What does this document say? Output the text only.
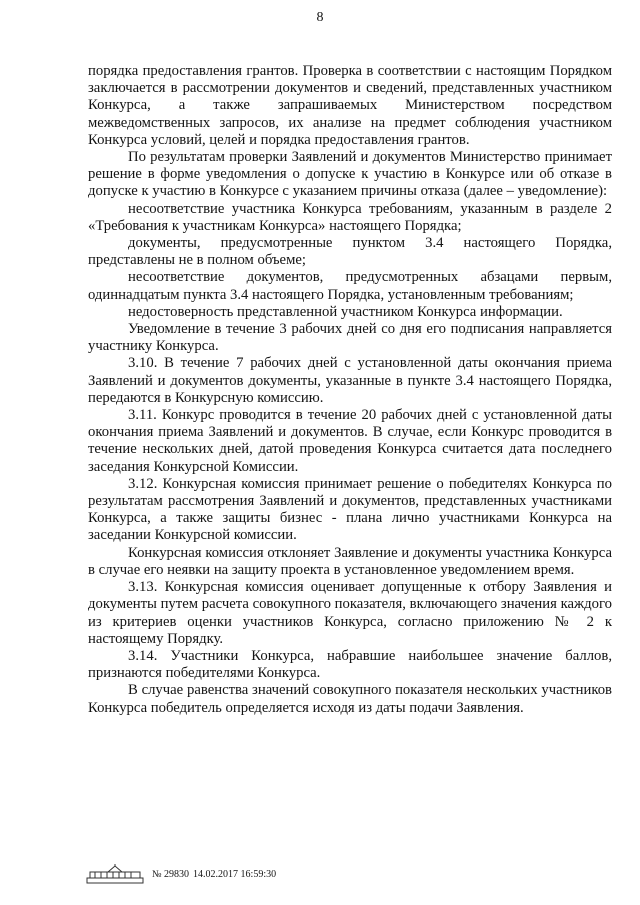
8

порядка предоставления грантов. Проверка в соответствии с настоящим Порядком заключается в рассмотрении документов и сведений, представленных участником Конкурса, а также запрашиваемых Министерством посредством межведомственных запросов, их анализе на предмет соблюдения участником Конкурса условий, целей и порядка предоставления грантов.

По результатам проверки Заявлений и документов Министерство принимает решение в форме уведомления о допуске к участию в Конкурсе или об отказе в допуске к участию в Конкурсе с указанием причины отказа (далее – уведомление):

несоответствие участника Конкурса требованиям, указанным в разделе 2 «Требования к участникам Конкурса» настоящего Порядка;

документы, предусмотренные пунктом 3.4 настоящего Порядка, представлены не в полном объеме;

несоответствие документов, предусмотренных абзацами первым, одиннадцатым пункта 3.4 настоящего Порядка, установленным требованиям;

недостоверность представленной участником Конкурса информации.

Уведомление в течение 3 рабочих дней со дня его подписания направляется участнику Конкурса.

3.10. В течение 7 рабочих дней с установленной даты окончания приема Заявлений и документов документы, указанные в пункте 3.4 настоящего Порядка, передаются в Конкурсную комиссию.

3.11. Конкурс проводится в течение 20 рабочих дней с установленной даты окончания приема Заявлений и документов. В случае, если Конкурс проводится в течение нескольких дней, датой проведения Конкурса считается дата последнего заседания Конкурсной Комиссии.

3.12. Конкурсная комиссия принимает решение о победителях Конкурса по результатам рассмотрения Заявлений и документов, представленных участниками Конкурса, а также защиты бизнес - плана лично участниками Конкурса на заседании Конкурсной комиссии.

Конкурсная комиссия отклоняет Заявление и документы участника Конкурса в случае его неявки на защиту проекта в установленное уведомлением время.

3.13. Конкурсная комиссия оценивает допущенные к отбору Заявления и документы путем расчета совокупного показателя, включающего значения каждого из критериев оценки участников Конкурса, согласно приложению № 2 к настоящему Порядку.

3.14. Участники Конкурса, набравшие наибольшее значение баллов, признаются победителями Конкурса.

В случае равенства значений совокупного показателя нескольких участников Конкурса победитель определяется исходя из даты подачи Заявления.

№ 29830 14.02.2017 16:59:30
